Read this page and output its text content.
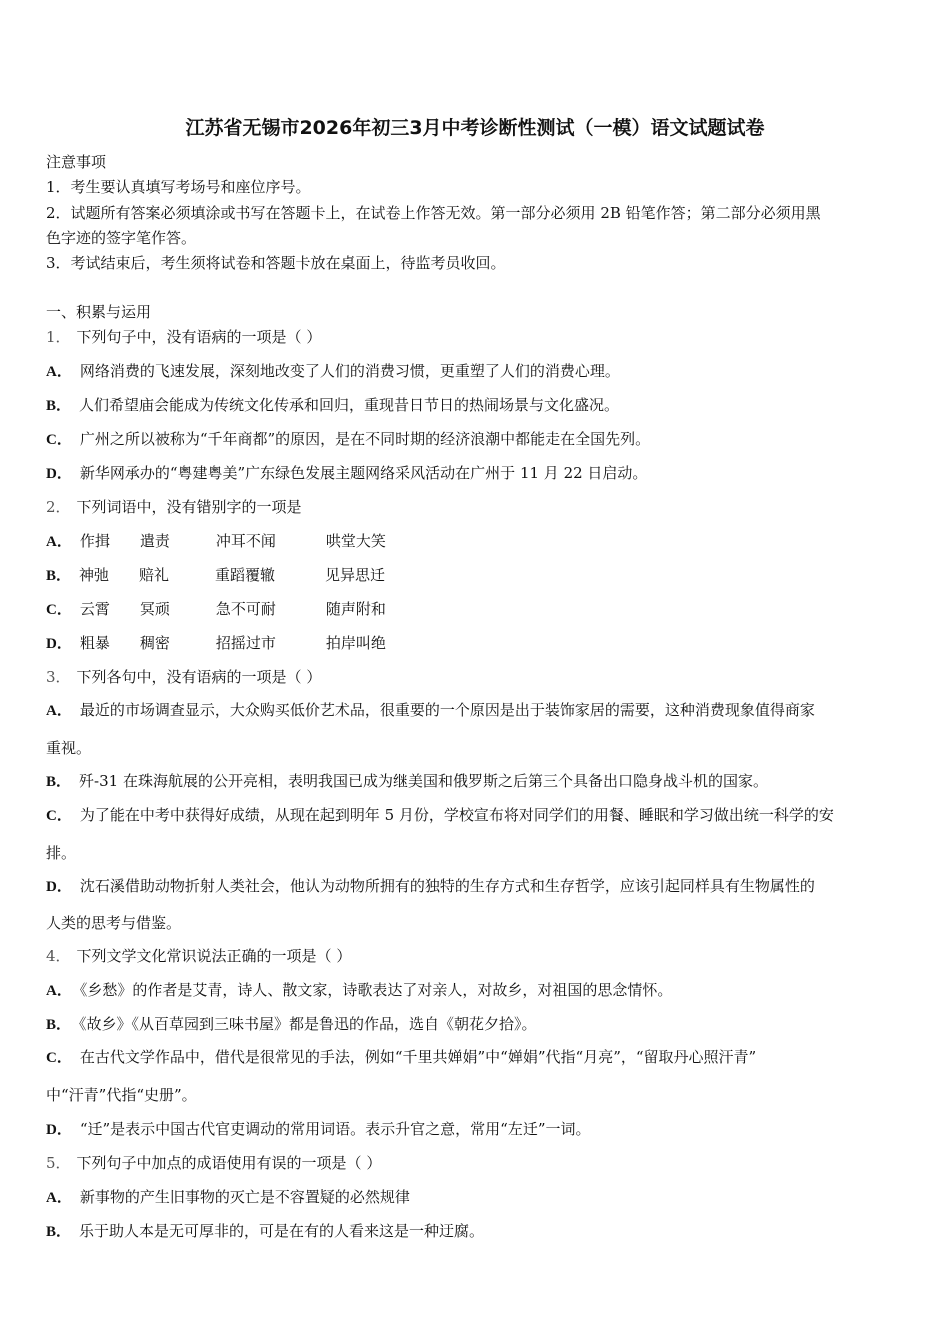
江苏省无锡市2026年初三3月中考诊断性测试（一模）语文试题试卷
注意事项
1．考生要认真填写考场号和座位序号。
2．试题所有答案必须填涂或书写在答题卡上，在试卷上作答无效。第一部分必须用 2B 铅笔作答；第二部分必须用黑
色字迹的签字笔作答。
3．考试结束后，考生须将试卷和答题卡放在桌面上，待监考员收回。
一、积累与运用
1． 下列句子中，没有语病的一项是（ ）
A． 网络消费的飞速发展，深刻地改变了人们的消费习惯，更重塑了人们的消费心理。
B． 人们希望庙会能成为传统文化传承和回归，重现昔日节日的热闹场景与文化盛况。
C． 广州之所以被称为“千年商都”的原因，是在不同时期的经济浪潮中都能走在全国先列。
D． 新华网承办的“粤建粤美”广东绿色发展主题网络采风活动在广州于 11 月 22 日启动。
2． 下列词语中，没有错别字的一项是
A． 作揖 遣责	冲耳不闻	哄堂大笑
B． 神弛 赔礼	重蹈覆辙	见异思迁
C． 云霄 冥顽	急不可耐	随声附和
D． 粗暴 稠密	招摇过市	拍岸叫绝
3． 下列各句中，没有语病的一项是（ ）
A． 最近的市场调查显示，大众购买低价艺术品，很重要的一个原因是出于装饰家居的需要，这种消费现象值得商家
重视。
B． 歼-31 在珠海航展的公开亮相，表明我国已成为继美国和俄罗斯之后第三个具备出口隐身战斗机的国家。
C． 为了能在中考中获得好成绩，从现在起到明年 5 月份，学校宣布将对同学们的用餐、睡眠和学习做出统一科学的安
排。
D． 沈石溪借助动物折射人类社会，他认为动物所拥有的独特的生存方式和生存哲学，应该引起同样具有生物属性的
人类的思考与借鉴。
4． 下列文学文化常识说法正确的一项是（ ）
A． 《乡愁》的作者是艾青，诗人、散文家，诗歌表达了对亲人，对故乡，对祖国的思念情怀。
B． 《故乡》《从百草园到三味书屋》都是鲁迅的作品，选自《朝花夕拾》。
C． 在古代文学作品中，借代是很常见的手法，例如“千里共婵娟”中“婵娟”代指“月亮”，“留取丹心照汗青”
中“汗青”代指“史册”。
D． “迁”是表示中国古代官吏调动的常用词语。表示升官之意，常用“左迁”一词。
5． 下列句子中加点的成语使用有误的一项是（ ）
A． 新事物的产生旧事物的灭亡是不容置疑的必然规律
B． 乐于助人本是无可厚非的，可是在有的人看来这是一种迂腐。
